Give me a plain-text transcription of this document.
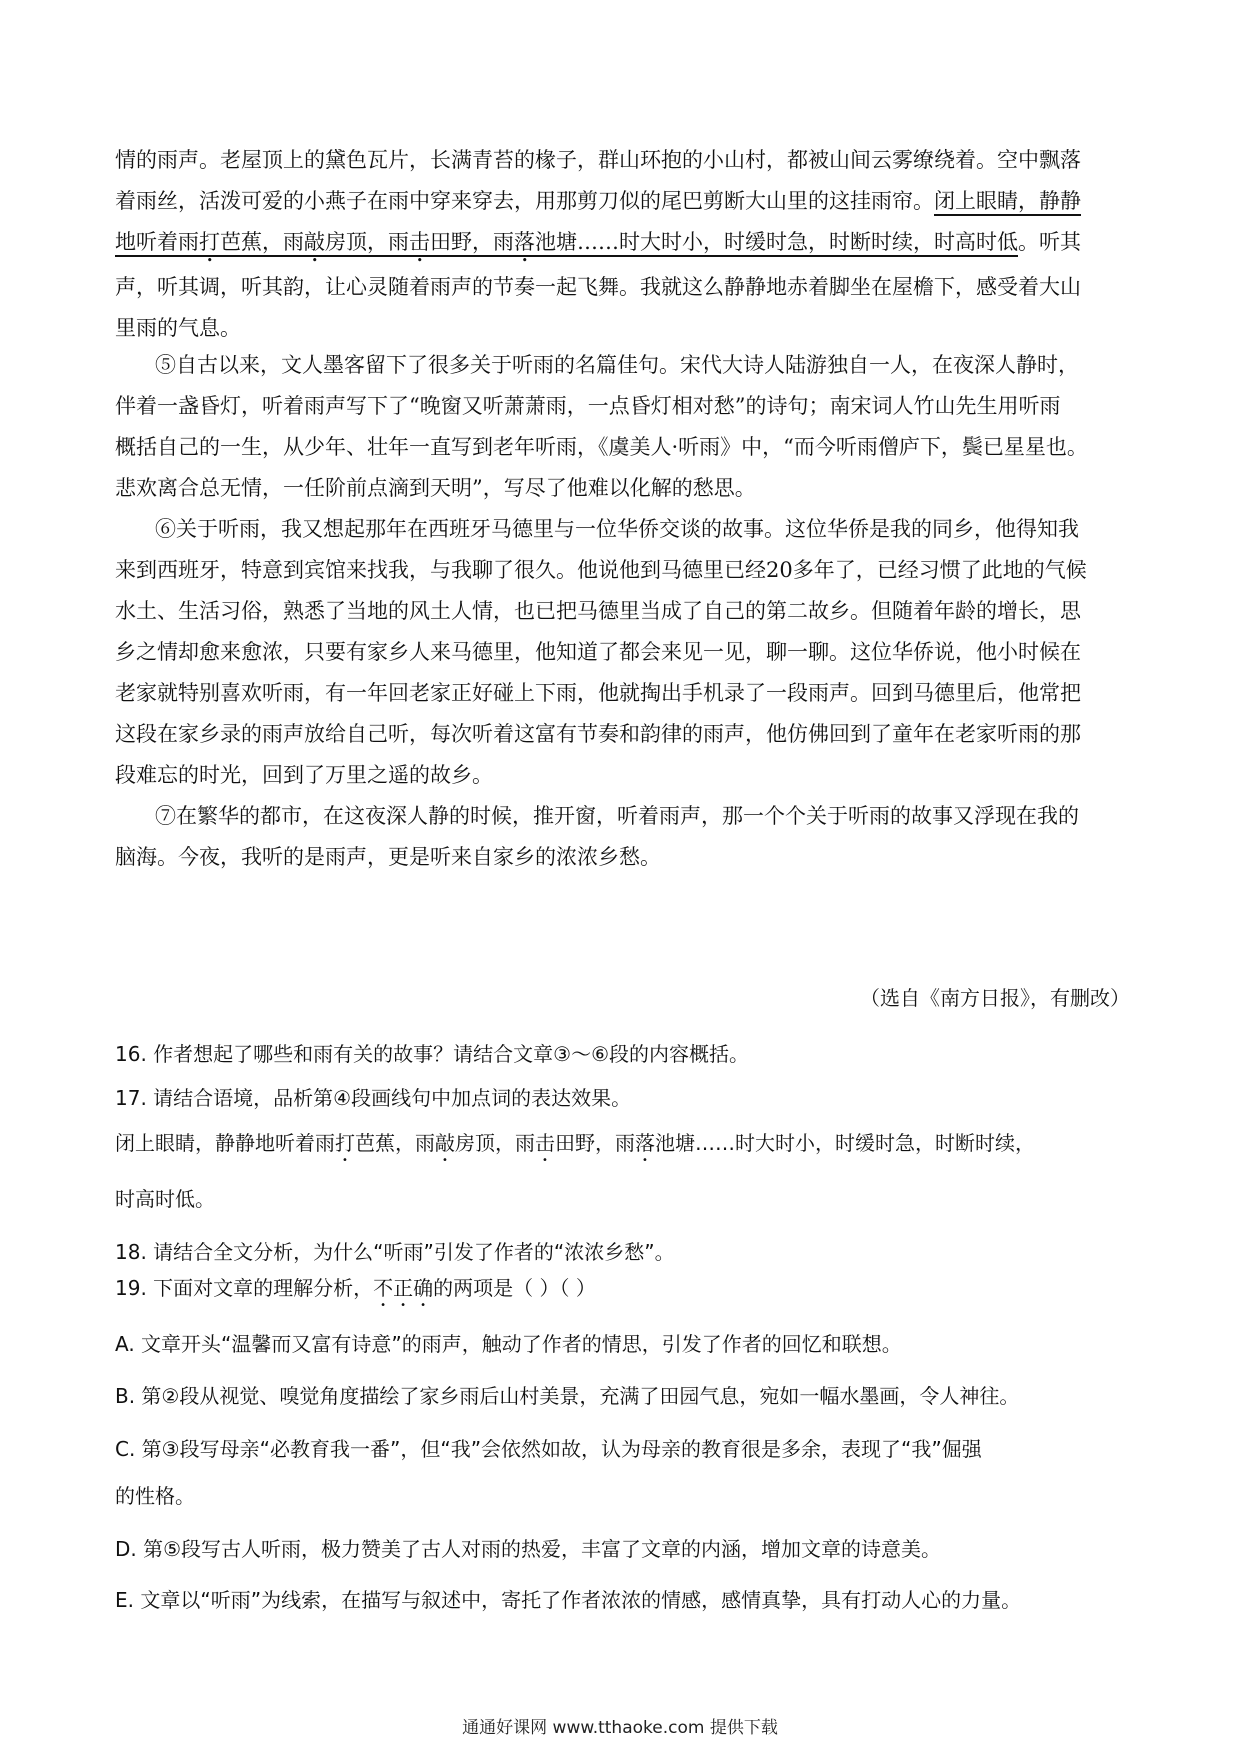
情的雨声。老屋顶上的黛色瓦片，长满青苔的椽子，群山环抱的小山村，都被山间云雾缭绕着。空中飘落
着雨丝，活泼可爱的小燕子在雨中穿来穿去，用那剪刀似的尾巴剪断大山里的这挂雨帘。闭上眼睛，静静
地听着雨打芭蕉，雨敲房顶，雨击田野，雨落池塘……时大时小，时缓时急，时断时续，时高时低。听其
声，听其调，听其韵，让心灵随着雨声的节奏一起飞舞。我就这么静静地赤着脚坐在屋檐下，感受着大山
里雨的气息。
⑤自古以来，文人墨客留下了很多关于听雨的名篇佳句。宋代大诗人陆游独自一人，在夜深人静时，
伴着一盏昏灯，听着雨声写下了“晚窗又听萧萧雨，一点昏灯相对愁”的诗句；南宋词人竹山先生用听雨
概括自己的一生，从少年、壮年一直写到老年听雨，《虞美人·听雨》中，“而今听雨僧庐下，鬓已星星也。
悲欢离合总无情，一任阶前点滴到天明”，写尽了他难以化解的愁思。
⑥关于听雨，我又想起那年在西班牙马德里与一位华侨交谈的故事。这位华侨是我的同乡，他得知我
来到西班牙，特意到宾馆来找我，与我聊了很久。他说他到马德里已经20多年了，已经习惯了此地的气候
水土、生活习俗，熟悉了当地的风土人情，也已把马德里当成了自己的第二故乡。但随着年龄的增长，思
乡之情却愈来愈浓，只要有家乡人来马德里，他知道了都会来见一见，聊一聊。这位华侨说，他小时候在
老家就特别喜欢听雨，有一年回老家正好碰上下雨，他就掏出手机录了一段雨声。回到马德里后，他常把
这段在家乡录的雨声放给自己听，每次听着这富有节奏和韵律的雨声，他仿佛回到了童年在老家听雨的那
段难忘的时光，回到了万里之遥的故乡。
⑦在繁华的都市，在这夜深人静的时候，推开窗，听着雨声，那一个个关于听雨的故事又浮现在我的
脑海。今夜，我听的是雨声，更是听来自家乡的浓浓乡愁。
（选自《南方日报》，有删改）

16. 作者想起了哪些和雨有关的故事？请结合文章③～⑥段的内容概括。

17. 请结合语境，品析第④段画线句中加点词的表达效果。

闭上眼睛，静静地听着雨打芭蕉，雨敲房顶，雨击田野，雨落池塘……时大时小，时缓时急，时断时续，

时高时低。

18. 请结合全文分析，为什么“听雨”引发了作者的“浓浓乡愁”。

19. 下面对文章的理解分析，不正确的两项是（ ）（ ）

A. 文章开头“温馨而又富有诗意”的雨声，触动了作者的情思，引发了作者的回忆和联想。

B. 第②段从视觉、嗅觉角度描绘了家乡雨后山村美景，充满了田园气息，宛如一幅水墨画，令人神往。

C. 第③段写母亲“必教育我一番”，但“我”会依然如故，认为母亲的教育很是多余，表现了“我”倔强

的性格。

D. 第⑤段写古人听雨，极力赞美了古人对雨的热爱，丰富了文章的内涵，增加文章的诗意美。

E. 文章以“听雨”为线索，在描写与叙述中，寄托了作者浓浓的情感，感情真挚，具有打动人心的力量。

通通好课网 www.tthaoke.com 提供下载
